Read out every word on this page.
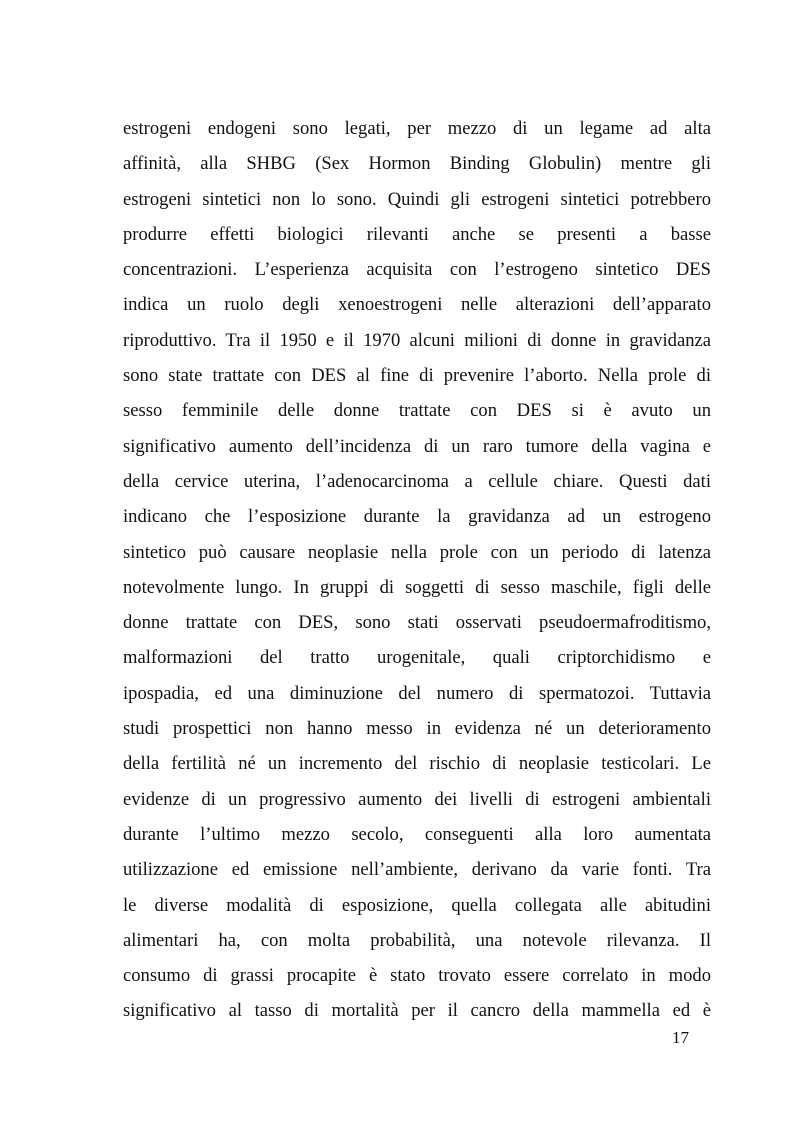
estrogeni endogeni sono legati, per mezzo di un legame ad alta
affinità, alla SHBG (Sex Hormon Binding Globulin) mentre gli
estrogeni sintetici non lo sono. Quindi gli estrogeni sintetici potrebbero
produrre effetti biologici rilevanti anche se presenti a basse
concentrazioni. L’esperienza acquisita con l’estrogeno sintetico DES
indica un ruolo degli xenoestrogeni nelle alterazioni dell’apparato
riproduttivo. Tra il 1950 e il 1970 alcuni milioni di donne in gravidanza
sono state trattate con DES al fine di prevenire l’aborto. Nella prole di
sesso femminile delle donne trattate con DES si è avuto un
significativo aumento dell’incidenza di un raro tumore della vagina e
della cervice uterina, l’adenocarcinoma a cellule chiare. Questi dati
indicano che l’esposizione durante la gravidanza ad un estrogeno
sintetico può causare neoplasie nella prole con un periodo di latenza
notevolmente lungo. In gruppi di soggetti di sesso maschile, figli delle
donne trattate con DES, sono stati osservati pseudoermafroditismo,
malformazioni del tratto urogenitale, quali criptorchidismo e
ipospadia, ed una diminuzione del numero di spermatozoi. Tuttavia
studi prospettici non hanno messo in evidenza né un deterioramento
della fertilità né un incremento del rischio di neoplasie testicolari. Le
evidenze di un progressivo aumento dei livelli di estrogeni ambientali
durante l’ultimo mezzo secolo, conseguenti alla loro aumentata
utilizzazione ed emissione nell’ambiente, derivano da varie fonti. Tra
le diverse modalità di esposizione, quella collegata alle abitudini
alimentari ha, con molta probabilità, una notevole rilevanza. Il
consumo di grassi procapite è stato trovato essere correlato in modo
significativo al tasso di mortalità per il cancro della mammella ed è
17
